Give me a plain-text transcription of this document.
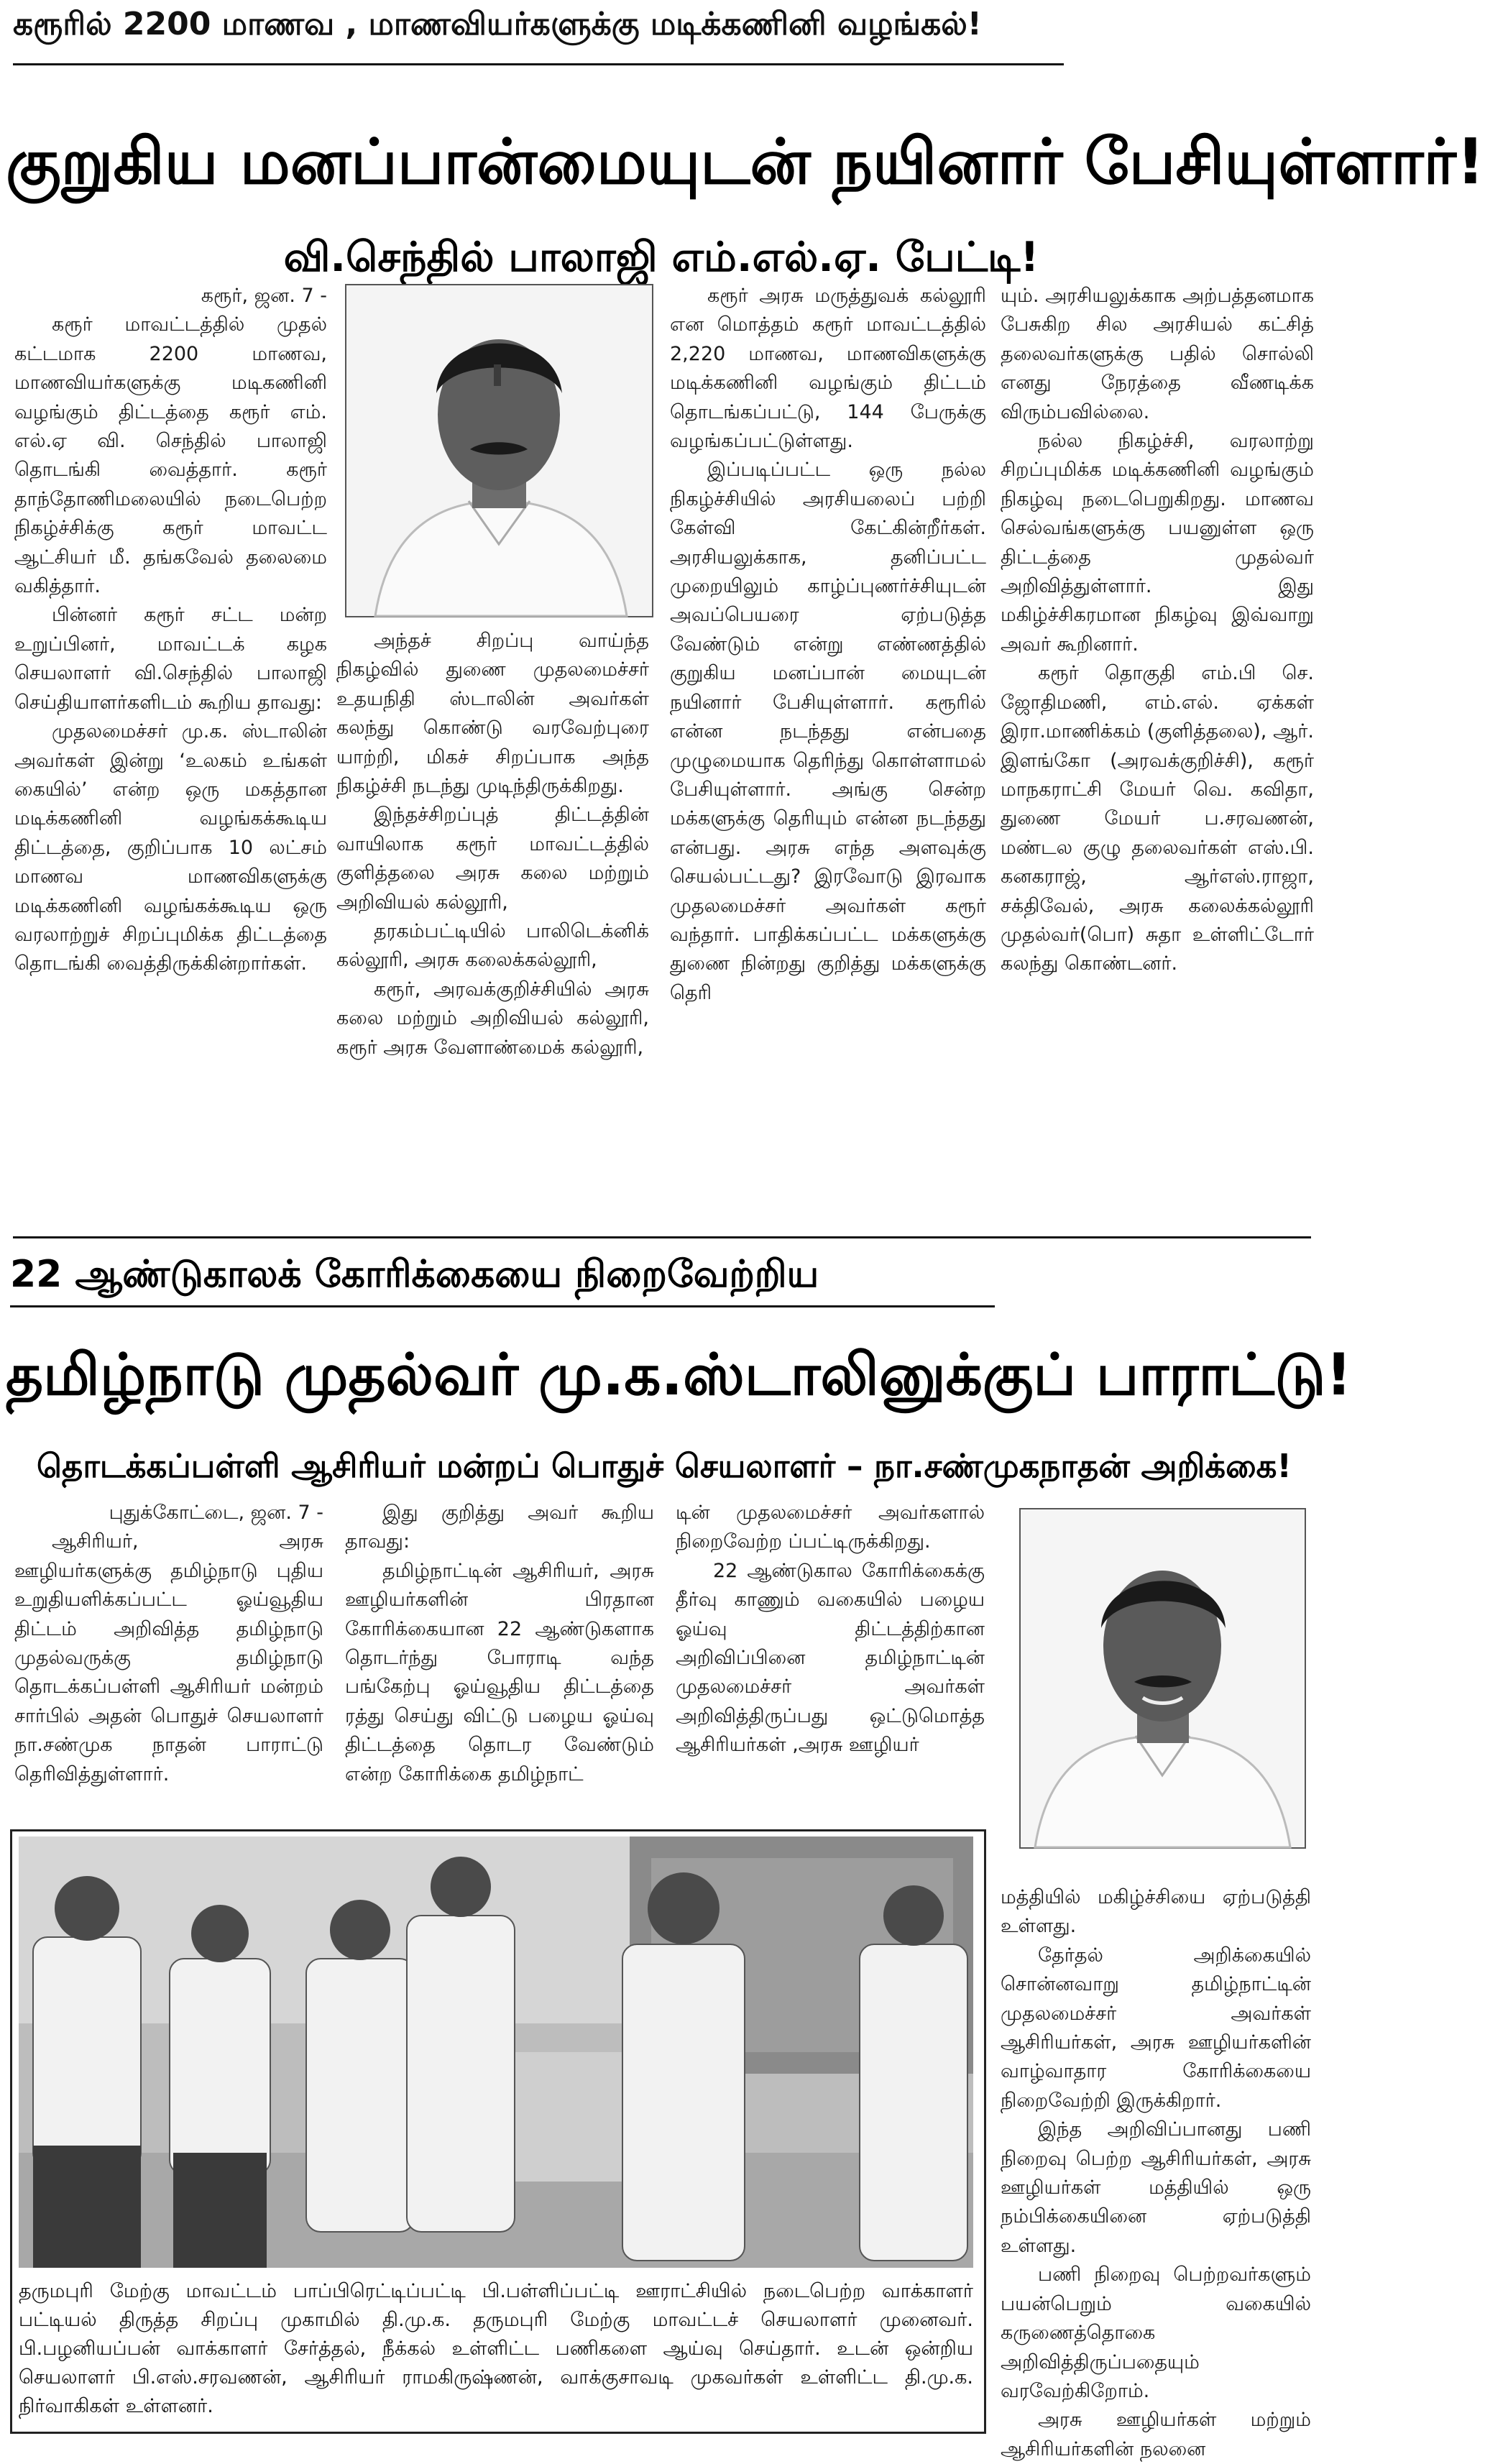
கரூரில் 2200 மாணவ , மாணவியர்களுக்கு மடிக்கணினி வழங்கல்!
குறுகிய மனப்பான்மையுடன் நயினார் பேசியுள்ளார்!
வி.செந்தில் பாலாஜி எம்.எல்.ஏ. பேட்டி!

கரூர், ஜன. 7 -

கரூர் மாவட்டத்தில் முதல் கட்டமாக 2200 மாணவ, மாணவியர்களுக்கு மடிகணினி வழங்கும் திட்டத்தை கரூர் எம். எல்.ஏ வி. செந்தில் பாலாஜி தொடங்கி வைத்தார். கரூர் தாந்தோணிமலையில் நடைபெற்ற நிகழ்ச்சிக்கு கரூர் மாவட்ட ஆட்சியர் மீ. தங்கவேல் தலைமை வகித்தார்.

பின்னர் கரூர் சட்ட மன்ற உறுப்பினர், மாவட்டக் கழக செயலாளர் வி.செந்தில் பாலாஜி செய்தியாளர்களிடம் கூறிய தாவது:

முதலமைச்சர் மு.க. ஸ்டாலின் அவர்கள் இன்று ‘உலகம் உங்கள் கையில்’ என்ற ஒரு மகத்தான மடிக்கணினி வழங்கக்கூடிய திட்டத்தை, குறிப்பாக 10 லட்சம் மாணவ மாணவிகளுக்கு மடிக்கணினி வழங்கக்கூடிய ஒரு வரலாற்றுச் சிறப்புமிக்க திட்டத்தை தொடங்கி வைத்திருக்கின்றார்கள்.

அந்தச் சிறப்பு வாய்ந்த நிகழ்வில் துணை முதலமைச்சர் உதயநிதி ஸ்டாலின் அவர்கள் கலந்து கொண்டு வரவேற்புரை யாற்றி, மிகச் சிறப்பாக அந்த நிகழ்ச்சி நடந்து முடிந்திருக்கிறது.

இந்தச்சிறப்புத் திட்டத்தின் வாயிலாக கரூர் மாவட்டத்தில் குளித்தலை அரசு கலை மற்றும் அறிவியல் கல்லூரி,

தரகம்பட்டியில் பாலிடெக்னிக் கல்லூரி, அரசு கலைக்கல்லூரி,

கரூர், அரவக்குறிச்சியில் அரசு கலை மற்றும் அறிவியல் கல்லூரி, கரூர் அரசு வேளாண்மைக் கல்லூரி,

கரூர் அரசு மருத்துவக் கல்லூரி என மொத்தம் கரூர் மாவட்டத்தில் 2,220 மாணவ, மாணவிகளுக்கு மடிக்கணினி வழங்கும் திட்டம் தொடங்கப்பட்டு, 144 பேருக்கு வழங்கப்பட்டுள்ளது.

இப்படிப்பட்ட ஒரு நல்ல நிகழ்ச்சியில் அரசியலைப் பற்றி கேள்வி கேட்கின்றீர்கள். அரசியலுக்காக, தனிப்பட்ட முறையிலும் காழ்ப்புணர்ச்சியுடன் அவப்பெயரை ஏற்படுத்த வேண்டும் என்று எண்ணத்தில் குறுகிய மனப்பான் மையுடன் நயினார் பேசியுள்ளார். கரூரில் என்ன நடந்தது என்பதை முழுமையாக தெரிந்து கொள்ளாமல் பேசியுள்ளார். அங்கு சென்ற மக்களுக்கு தெரியும் என்ன நடந்தது என்பது. அரசு எந்த அளவுக்கு செயல்பட்டது? இரவோடு இரவாக முதலமைச்சர் அவர்கள் கரூர் வந்தார். பாதிக்கப்பட்ட மக்களுக்கு துணை நின்றது குறித்து மக்களுக்கு தெரி

யும். அரசியலுக்காக அற்பத்தனமாக பேசுகிற சில அரசியல் கட்சித் தலைவர்களுக்கு பதில் சொல்லி எனது நேரத்தை வீணடிக்க விரும்பவில்லை.

நல்ல நிகழ்ச்சி, வரலாற்று சிறப்புமிக்க மடிக்கணினி வழங்கும் நிகழ்வு நடைபெறுகிறது. மாணவ செல்வங்களுக்கு பயனுள்ள ஒரு திட்டத்தை முதல்வர் அறிவித்துள்ளார். இது மகிழ்ச்சிகரமான நிகழ்வு இவ்வாறு அவர் கூறினார்.

கரூர் தொகுதி எம்.பி செ. ஜோதிமணி, எம்.எல். ஏக்கள் இரா.மாணிக்கம் (குளித்தலை), ஆர். இளங்கோ (அரவக்குறிச்சி), கரூர் மாநகராட்சி மேயர் வெ. கவிதா, துணை மேயர் ப.சரவணன், மண்டல குழு தலைவர்கள் எஸ்.பி. கனகராஜ், ஆர்எஸ்.ராஜா, சக்திவேல், அரசு கலைக்கல்லூரி முதல்வர்(பொ) சுதா உள்ளிட்டோர் கலந்து கொண்டனர்.

22 ஆண்டுகாலக் கோரிக்கையை நிறைவேற்றிய
தமிழ்நாடு முதல்வர் மு.க.ஸ்டாலினுக்குப் பாராட்டு!
தொடக்கப்பள்ளி ஆசிரியர் மன்றப் பொதுச் செயலாளர் – நா.சண்முகநாதன் அறிக்கை!

புதுக்கோட்டை, ஜன. 7 -

ஆசிரியர், அரசு ஊழியர்களுக்கு தமிழ்நாடு புதிய உறுதியளிக்கப்பட்ட ஓய்வூதிய திட்டம் அறிவித்த தமிழ்நாடு முதல்வருக்கு தமிழ்நாடு தொடக்கப்பள்ளி ஆசிரியர் மன்றம் சார்பில் அதன் பொதுச் செயலாளர் நா.சண்முக நாதன் பாராட்டு தெரிவித்துள்ளார்.

இது குறித்து அவர் கூறிய தாவது:

தமிழ்நாட்டின் ஆசிரியர், அரசு ஊழியர்களின் பிரதான கோரிக்கையான 22 ஆண்டுகளாக தொடர்ந்து போராடி வந்த பங்கேற்பு ஓய்வூதிய திட்டத்தை ரத்து செய்து விட்டு பழைய ஓய்வு திட்டத்தை தொடர வேண்டும் என்ற கோரிக்கை தமிழ்நாட்

டின் முதலமைச்சர் அவர்களால் நிறைவேற்ற ப்பட்டிருக்கிறது.

22 ஆண்டுகால கோரிக்கைக்கு தீர்வு காணும் வகையில் பழைய ஓய்வு திட்டத்திற்கான அறிவிப்பினை தமிழ்நாட்டின் முதலமைச்சர் அவர்கள் அறிவித்திருப்பது ஒட்டுமொத்த ஆசிரியர்கள் ,அரசு ஊழியர்

மத்தியில் மகிழ்ச்சியை ஏற்படுத்தி உள்ளது.

தேர்தல் அறிக்கையில் சொன்னவாறு தமிழ்நாட்டின் முதலமைச்சர் அவர்கள் ஆசிரியர்கள், அரசு ஊழியர்களின் வாழ்வாதார கோரிக்கையை நிறைவேற்றி இருக்கிறார்.

இந்த அறிவிப்பானது பணி நிறைவு பெற்ற ஆசிரியர்கள், அரசு ஊழியர்கள் மத்தியில் ஒரு நம்பிக்கையினை ஏற்படுத்தி உள்ளது.

பணி நிறைவு பெற்றவர்களும் பயன்பெறும் வகையில் கருணைத்தொகை அறிவித்திருப்பதையும் வரவேற்கிறோம்.

அரசு ஊழியர்கள் மற்றும் ஆசிரியர்களின் நலனை

தருமபுரி மேற்கு மாவட்டம் பாப்பிரெட்டிப்பட்டி பி.பள்ளிப்பட்டி ஊராட்சியில் நடைபெற்ற வாக்காளர் பட்டியல் திருத்த சிறப்பு முகாமில் தி.மு.க. தருமபுரி மேற்கு மாவட்டச் செயலாளர் முனைவர். பி.பழனியப்பன் வாக்காளர் சேர்த்தல், நீக்கல் உள்ளிட்ட பணிகளை ஆய்வு செய்தார். உடன் ஒன்றிய செயலாளர் பி.எஸ்.சரவணன், ஆசிரியர் ராமகிருஷ்ணன், வாக்குசாவடி முகவர்கள் உள்ளிட்ட தி.மு.க. நிர்வாகிகள் உள்ளனர்.
